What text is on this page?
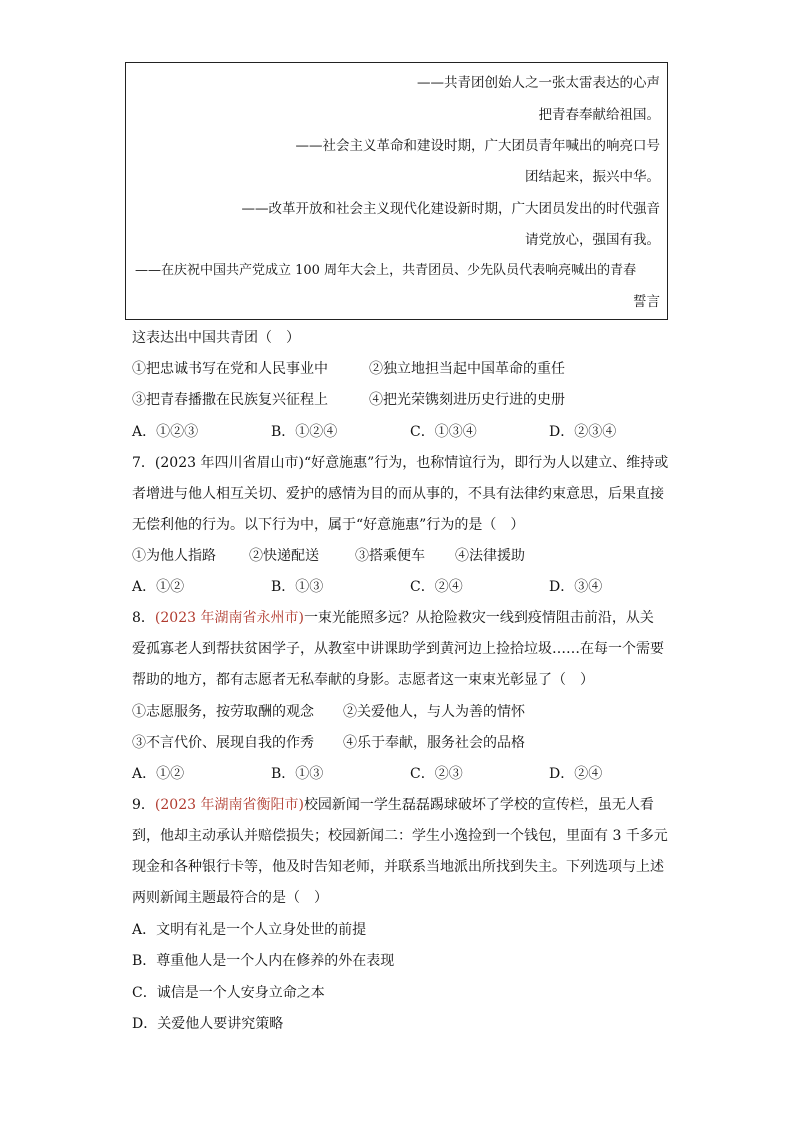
——共青团创始人之一张太雷表达的心声
把青春奉献给祖国。
——社会主义革命和建设时期，广大团员青年喊出的响亮口号
团结起来，振兴中华。
——改革开放和社会主义现代化建设新时期，广大团员发出的时代强音
请党放心，强国有我。
——在庆祝中国共产党成立 100 周年大会上，共青团员、少先队员代表响亮喊出的青春
誓言
这表达出中国共青团（　）
①把忠诚书写在党和人民事业中	②独立地担当起中国革命的重任
③把青春播撒在民族复兴征程上	④把光荣镌刻进历史行进的史册
A．①②③	B．①②④	C．①③④	D．②③④
7．(2023 年四川省眉山市)“好意施惠”行为，也称情谊行为，即行为人以建立、维持或
者增进与他人相互关切、爱护的感情为目的而从事的，不具有法律约束意思，后果直接
无偿利他的行为。以下行为中，属于“好意施惠”行为的是（　）
①为他人指路 ②快递配送	③搭乘便车 ④法律援助
A．①②	B．①③	C．②④	D．③④
8．(2023 年湖南省永州市)一束光能照多远？从抢险救灾一线到疫情阻击前沿，从关
爱孤寡老人到帮扶贫困学子，从教室中讲课助学到黄河边上捡拾垃圾……在每一个需要
帮助的地方，都有志愿者无私奉献的身影。志愿者这一束束光彰显了（　）
①志愿服务，按劳取酬的观念 ②关爱他人，与人为善的情怀
③不言代价、展现自我的作秀 ④乐于奉献，服务社会的品格
A．①②	B．①③	C．②③	D．②④
9．(2023 年湖南省衡阳市)校园新闻一学生磊磊踢球破坏了学校的宣传栏，虽无人看
到，他却主动承认并赔偿损失；校园新闻二：学生小逸捡到一个钱包，里面有 3 千多元
现金和各种银行卡等，他及时告知老师，并联系当地派出所找到失主。下列选项与上述
两则新闻主题最符合的是（　）
A．文明有礼是一个人立身处世的前提
B．尊重他人是一个人内在修养的外在表现
C．诚信是一个人安身立命之本
D．关爱他人要讲究策略
